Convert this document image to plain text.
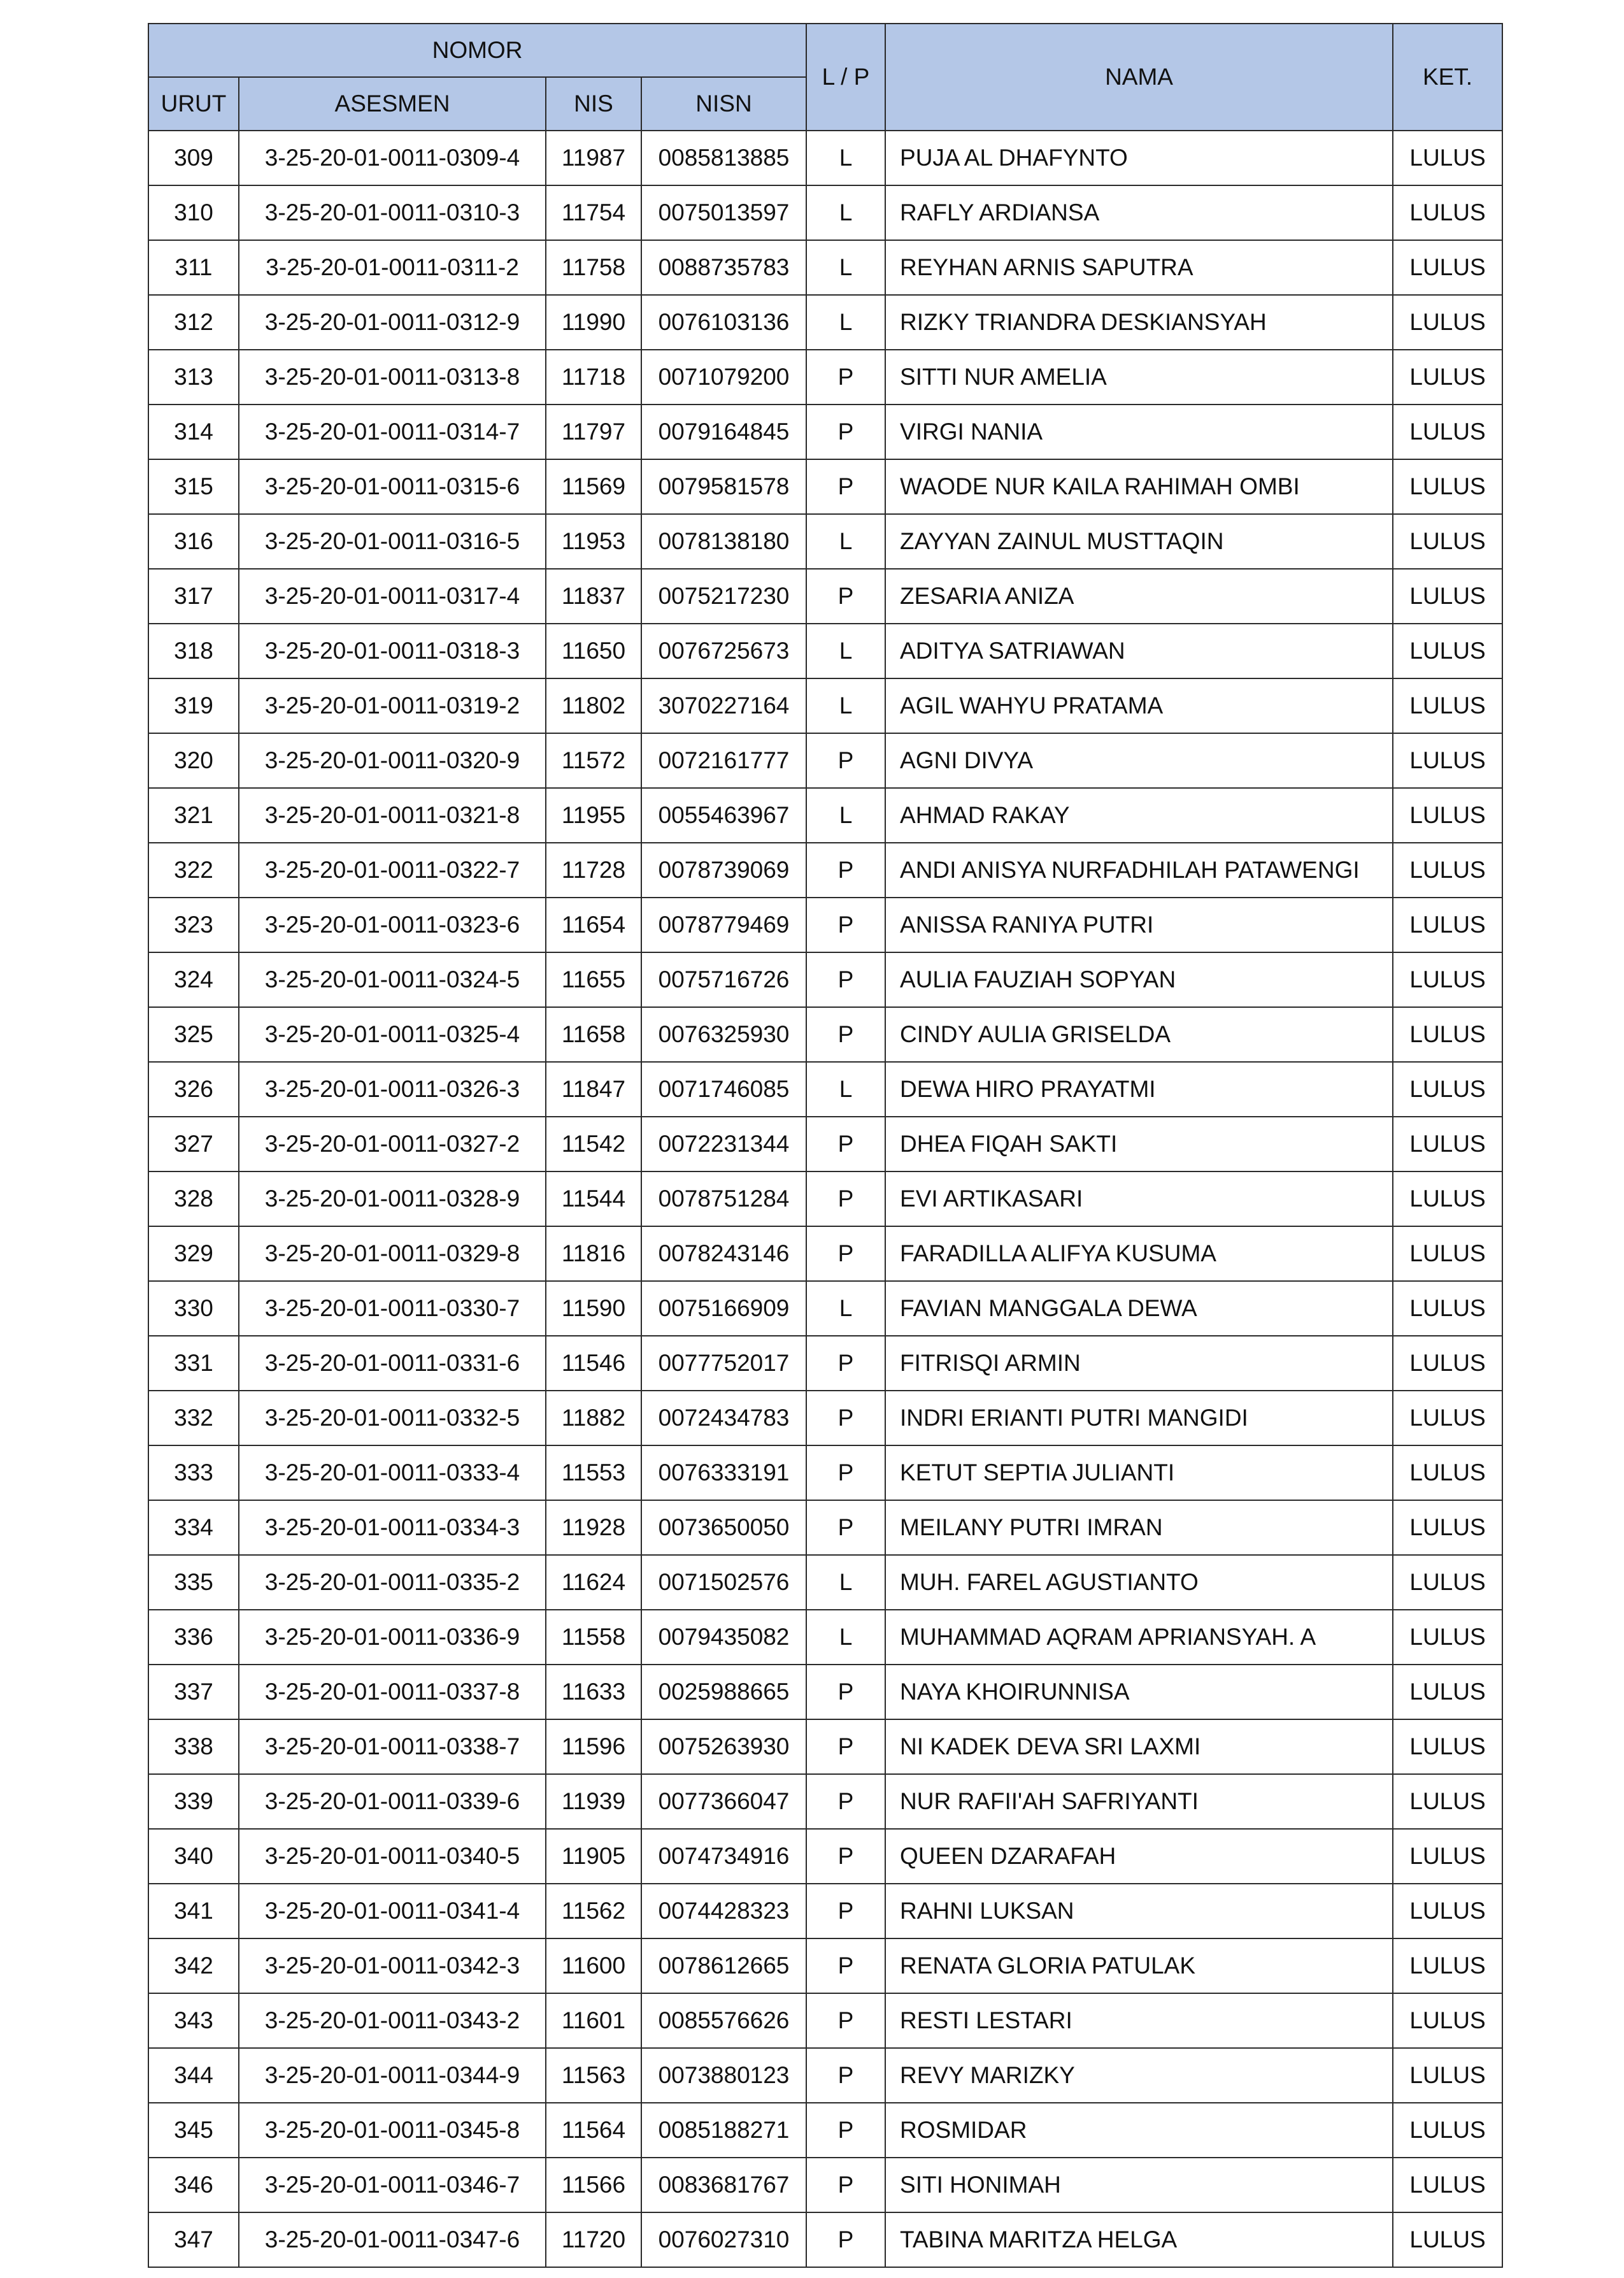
NOMOR				L / P	NAMA	KET.
URUT	ASESMEN	NIS	NISN			
309	3-25-20-01-0011-0309-4	11987	0085813885	L	PUJA AL DHAFYNTO	LULUS
310	3-25-20-01-0011-0310-3	11754	0075013597	L	RAFLY ARDIANSA	LULUS
311	3-25-20-01-0011-0311-2	11758	0088735783	L	REYHAN ARNIS SAPUTRA	LULUS
312	3-25-20-01-0011-0312-9	11990	0076103136	L	RIZKY TRIANDRA DESKIANSYAH	LULUS
313	3-25-20-01-0011-0313-8	11718	0071079200	P	SITTI NUR AMELIA	LULUS
314	3-25-20-01-0011-0314-7	11797	0079164845	P	VIRGI NANIA	LULUS
315	3-25-20-01-0011-0315-6	11569	0079581578	P	WAODE NUR KAILA RAHIMAH OMBI	LULUS
316	3-25-20-01-0011-0316-5	11953	0078138180	L	ZAYYAN ZAINUL MUSTTAQIN	LULUS
317	3-25-20-01-0011-0317-4	11837	0075217230	P	ZESARIA ANIZA	LULUS
318	3-25-20-01-0011-0318-3	11650	0076725673	L	ADITYA SATRIAWAN	LULUS
319	3-25-20-01-0011-0319-2	11802	3070227164	L	AGIL WAHYU PRATAMA	LULUS
320	3-25-20-01-0011-0320-9	11572	0072161777	P	AGNI DIVYA	LULUS
321	3-25-20-01-0011-0321-8	11955	0055463967	L	AHMAD RAKAY	LULUS
322	3-25-20-01-0011-0322-7	11728	0078739069	P	ANDI ANISYA NURFADHILAH PATAWENGI	LULUS
323	3-25-20-01-0011-0323-6	11654	0078779469	P	ANISSA RANIYA PUTRI	LULUS
324	3-25-20-01-0011-0324-5	11655	0075716726	P	AULIA FAUZIAH SOPYAN	LULUS
325	3-25-20-01-0011-0325-4	11658	0076325930	P	CINDY AULIA GRISELDA	LULUS
326	3-25-20-01-0011-0326-3	11847	0071746085	L	DEWA HIRO PRAYATMI	LULUS
327	3-25-20-01-0011-0327-2	11542	0072231344	P	DHEA FIQAH SAKTI	LULUS
328	3-25-20-01-0011-0328-9	11544	0078751284	P	EVI ARTIKASARI	LULUS
329	3-25-20-01-0011-0329-8	11816	0078243146	P	FARADILLA ALIFYA KUSUMA	LULUS
330	3-25-20-01-0011-0330-7	11590	0075166909	L	FAVIAN MANGGALA DEWA	LULUS
331	3-25-20-01-0011-0331-6	11546	0077752017	P	FITRISQI ARMIN	LULUS
332	3-25-20-01-0011-0332-5	11882	0072434783	P	INDRI ERIANTI PUTRI MANGIDI	LULUS
333	3-25-20-01-0011-0333-4	11553	0076333191	P	KETUT SEPTIA JULIANTI	LULUS
334	3-25-20-01-0011-0334-3	11928	0073650050	P	MEILANY PUTRI IMRAN	LULUS
335	3-25-20-01-0011-0335-2	11624	0071502576	L	MUH. FAREL AGUSTIANTO	LULUS
336	3-25-20-01-0011-0336-9	11558	0079435082	L	MUHAMMAD AQRAM APRIANSYAH. A	LULUS
337	3-25-20-01-0011-0337-8	11633	0025988665	P	NAYA KHOIRUNNISA	LULUS
338	3-25-20-01-0011-0338-7	11596	0075263930	P	NI KADEK DEVA SRI LAXMI	LULUS
339	3-25-20-01-0011-0339-6	11939	0077366047	P	NUR RAFII'AH SAFRIYANTI	LULUS
340	3-25-20-01-0011-0340-5	11905	0074734916	P	QUEEN DZARAFAH	LULUS
341	3-25-20-01-0011-0341-4	11562	0074428323	P	RAHNI LUKSAN	LULUS
342	3-25-20-01-0011-0342-3	11600	0078612665	P	RENATA GLORIA PATULAK	LULUS
343	3-25-20-01-0011-0343-2	11601	0085576626	P	RESTI LESTARI	LULUS
344	3-25-20-01-0011-0344-9	11563	0073880123	P	REVY MARIZKY	LULUS
345	3-25-20-01-0011-0345-8	11564	0085188271	P	ROSMIDAR	LULUS
346	3-25-20-01-0011-0346-7	11566	0083681767	P	SITI HONIMAH	LULUS
347	3-25-20-01-0011-0347-6	11720	0076027310	P	TABINA MARITZA HELGA	LULUS
